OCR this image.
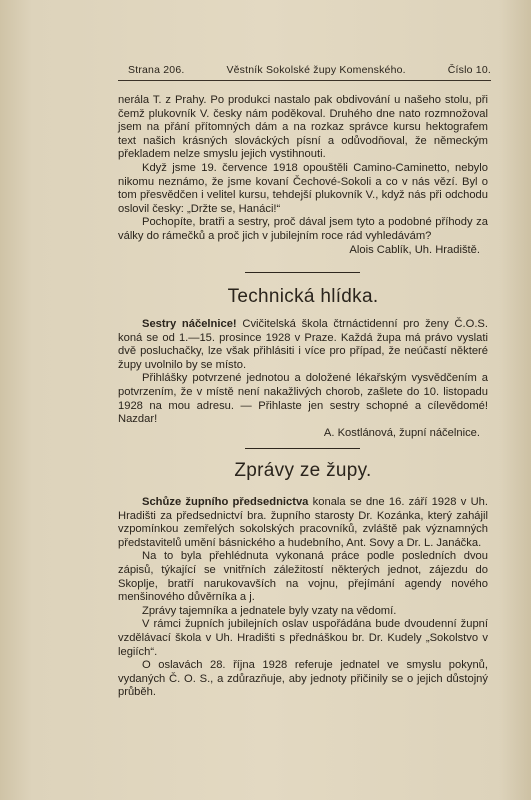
Strana 206.	Věstník Sokolské župy Komenského.	Číslo 10.

nerála T. z Prahy. Po produkci nastalo pak obdivování u našeho stolu, při čemž plukovník V. česky nám poděkoval. Druhého dne nato rozmnožoval jsem na přání přítomných dám a na rozkaz správce kursu hektografem text našich krásných slováckých písní a odůvodňoval, že německým překladem nelze smyslu jejich vystihnouti.

Když jsme 19. července 1918 opouštěli Camino-Caminetto, nebylo nikomu neznámo, že jsme kovaní Čechové-Sokoli a co v nás vězí. Byl o tom přesvědčen i velitel kursu, tehdejší plukovník V., když nás při odchodu oslovil česky: „Držte se, Hanáci!“

Pochopíte, bratři a sestry, proč dával jsem tyto a podobné příhody za války do rámečků a proč jich v jubilejním roce rád vyhledávám?

Alois Cablík, Uh. Hradiště.

Technická hlídka.

Sestry náčelnice! Cvičitelská škola čtrnáctidenní pro ženy Č.O.S. koná se od 1.—15. prosince 1928 v Praze. Každá župa má právo vyslati dvě posluchačky, lze však přihlásiti i více pro případ, že neúčastí některé župy uvolnilo by se místo.

Přihlášky potvrzené jednotou a doložené lékařským vysvědčením a potvrzením, že v místě není nakažlivých chorob, zašlete do 10. listopadu 1928 na mou adresu. — Přihlaste jen sestry schopné a cílevědomé! Nazdar!

A. Kostlánová, župní náčelnice.

Zprávy ze župy.

Schůze župního předsednictva konala se dne 16. září 1928 v Uh. Hradišti za předsednictví bra. župního starosty Dr. Kozánka, který zahájil vzpomínkou zemřelých sokolských pracovníků, zvláště pak významných představitelů umění básnického a hudebního, Ant. Sovy a Dr. L. Janáčka.

Na to byla přehlédnuta vykonaná práce podle posledních dvou zápisů, týkající se vnitřních záležitostí některých jednot, zájezdu do Skoplje, bratří narukovavších na vojnu, přejímání agendy nového menšinového důvěrníka a j.

Zprávy tajemníka a jednatele byly vzaty na vědomí.

V rámci župních jubilejních oslav uspořádána bude dvoudenní župní vzdělávací škola v Uh. Hradišti s přednáškou br. Dr. Kudely „Sokolstvo v legiích“.

O oslavách 28. října 1928 referuje jednatel ve smyslu pokynů, vydaných Č. O. S., a zdůrazňuje, aby jednoty přičinily se o jejich důstojný průběh.
